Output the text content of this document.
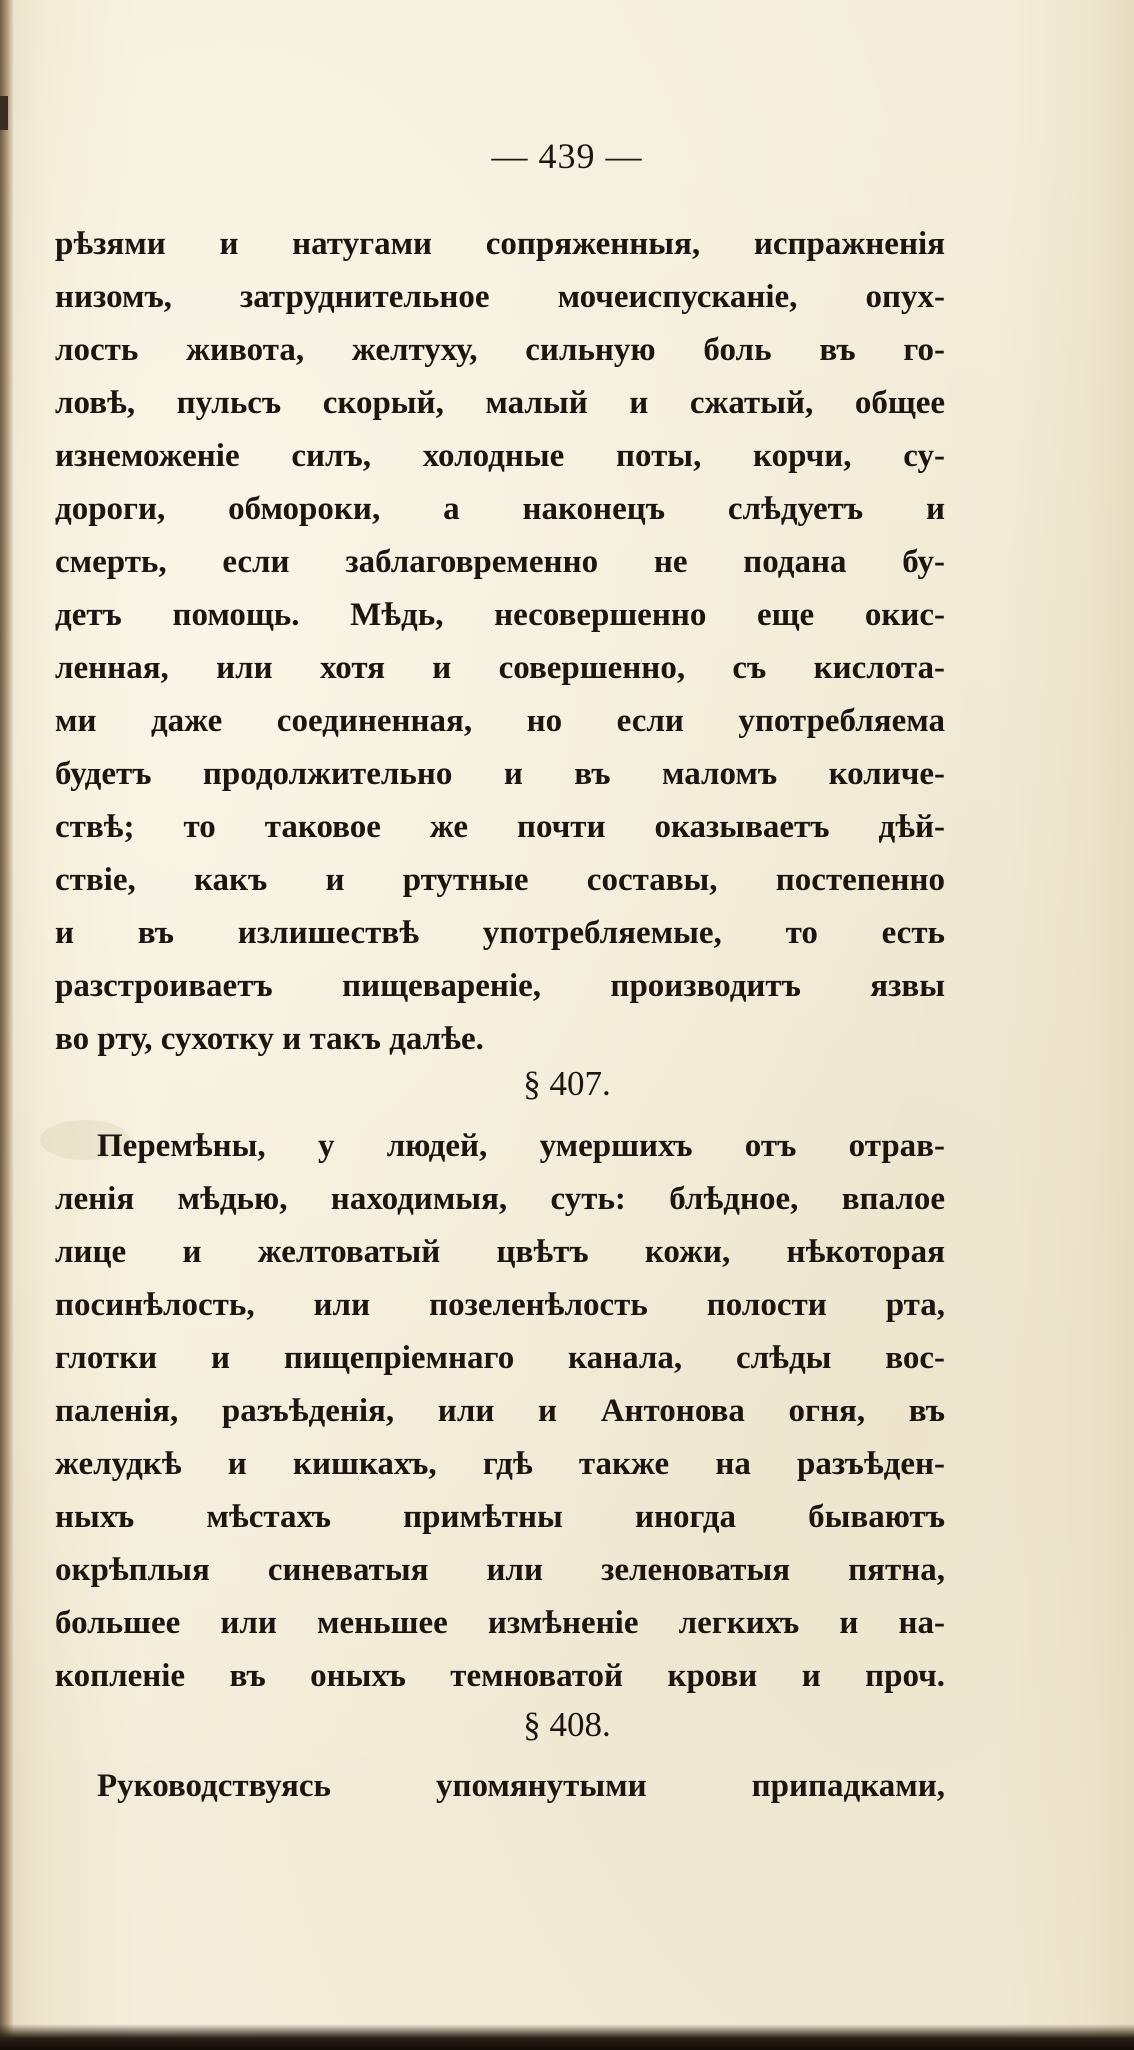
— 439 —
рѣзями и натугами сопряженныя, испражненія
низомъ, затруднительное мочеиспусканіе, опух-
лость живота, желтуху, сильную боль въ го-
ловѣ, пульсъ скорый, малый и сжатый, общее
изнеможеніе силъ, холодные поты, корчи, су-
дороги, обмороки, а наконецъ слѣдуетъ и
смерть, если заблаговременно не подана бу-
детъ помощь. Мѣдь, несовершенно еще окис-
ленная, или хотя и совершенно, съ кислота-
ми даже соединенная, но если употребляема
будетъ продолжительно и въ маломъ количе-
ствѣ; то таковое же почти оказываетъ дѣй-
ствіе, какъ и ртутные составы, постепенно
и въ излишествѣ употребляемые, то есть
разстроиваетъ пищевареніе, производитъ язвы
во рту, сухотку и такъ далѣе.
§ 407.
Перемѣны, у людей, умершихъ отъ отрав-
ленія мѣдью, находимыя, суть: блѣдное, впалое
лице и желтоватый цвѣтъ кожи, нѣкоторая
посинѣлость, или позеленѣлость полости рта,
глотки и пищепріемнаго канала, слѣды вос-
паленія, разъѣденія, или и Антонова огня, въ
желудкѣ и кишкахъ, гдѣ также на разъѣден-
ныхъ мѣстахъ примѣтны иногда бываютъ
окрѣплыя синеватыя или зеленоватыя пятна,
большее или меньшее измѣненіе легкихъ и на-
копленіе въ оныхъ темноватой крови и проч.
§ 408.
Руководствуясь упомянутыми припадками,
